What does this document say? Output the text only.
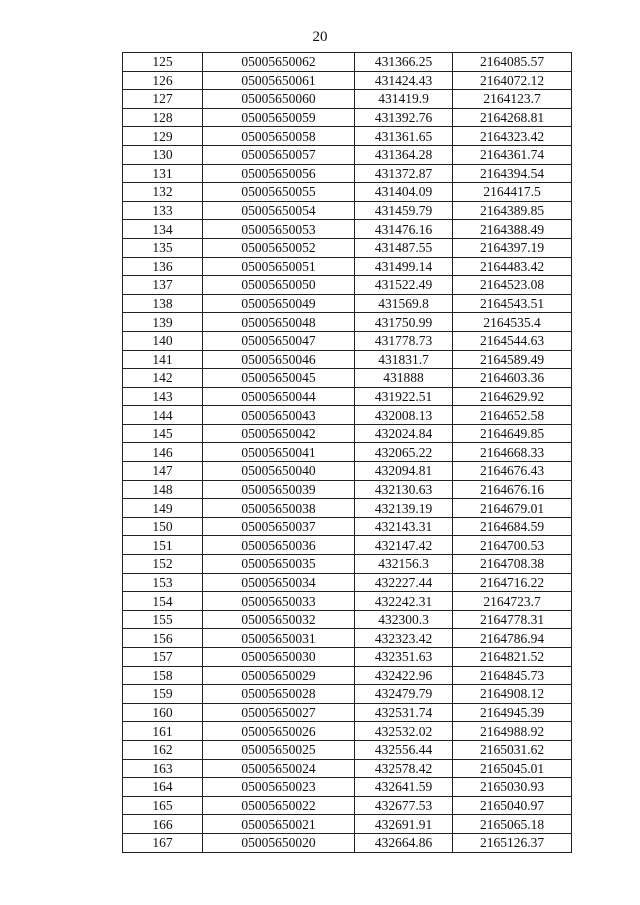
20
125	05005650062	431366.25	2164085.57
126	05005650061	431424.43	2164072.12
127	05005650060	431419.9	2164123.7
128	05005650059	431392.76	2164268.81
129	05005650058	431361.65	2164323.42
130	05005650057	431364.28	2164361.74
131	05005650056	431372.87	2164394.54
132	05005650055	431404.09	2164417.5
133	05005650054	431459.79	2164389.85
134	05005650053	431476.16	2164388.49
135	05005650052	431487.55	2164397.19
136	05005650051	431499.14	2164483.42
137	05005650050	431522.49	2164523.08
138	05005650049	431569.8	2164543.51
139	05005650048	431750.99	2164535.4
140	05005650047	431778.73	2164544.63
141	05005650046	431831.7	2164589.49
142	05005650045	431888	2164603.36
143	05005650044	431922.51	2164629.92
144	05005650043	432008.13	2164652.58
145	05005650042	432024.84	2164649.85
146	05005650041	432065.22	2164668.33
147	05005650040	432094.81	2164676.43
148	05005650039	432130.63	2164676.16
149	05005650038	432139.19	2164679.01
150	05005650037	432143.31	2164684.59
151	05005650036	432147.42	2164700.53
152	05005650035	432156.3	2164708.38
153	05005650034	432227.44	2164716.22
154	05005650033	432242.31	2164723.7
155	05005650032	432300.3	2164778.31
156	05005650031	432323.42	2164786.94
157	05005650030	432351.63	2164821.52
158	05005650029	432422.96	2164845.73
159	05005650028	432479.79	2164908.12
160	05005650027	432531.74	2164945.39
161	05005650026	432532.02	2164988.92
162	05005650025	432556.44	2165031.62
163	05005650024	432578.42	2165045.01
164	05005650023	432641.59	2165030.93
165	05005650022	432677.53	2165040.97
166	05005650021	432691.91	2165065.18
167	05005650020	432664.86	2165126.37
